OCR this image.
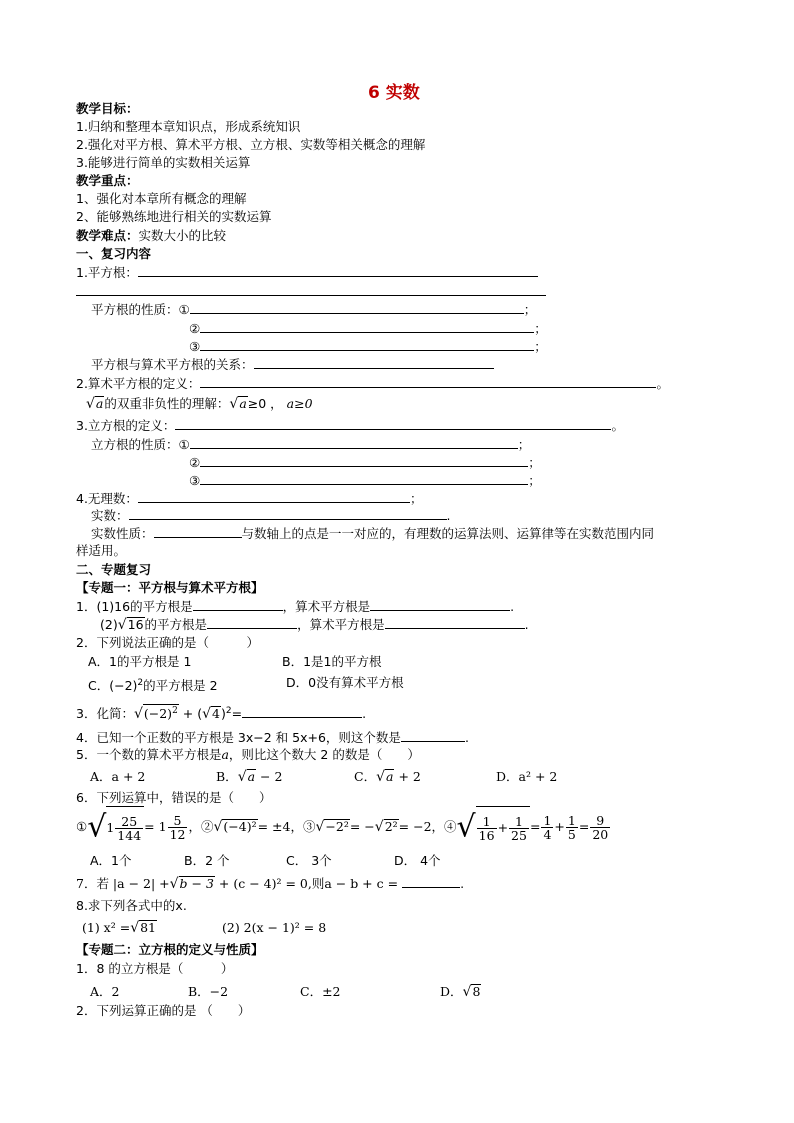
6 实数
教学目标：
1.归纳和整理本章知识点，形成系统知识
2.强化对平方根、算术平方根、立方根、实数等相关概念的理解
3.能够进行简单的实数相关运算
教学重点：
1、强化对本章所有概念的理解
2、能够熟练地进行相关的实数运算
教学难点：实数大小的比较
一、复习内容
1.平方根：
平方根的性质：①	；
②	；
③	；
平方根与算术平方根的关系：
2.算术平方根的定义：	。
√a的双重非负性的理解：√a≥0 ， a≥0
3.立方根的定义：	。
立方根的性质：①	；
②	；
③	；
4.无理数：	；
实数：	.
实数性质：	与数轴上的点是一一对应的，有理数的运算法则、运算律等在实数范围内同
样适用。
二、专题复习
【专题一：平方根与算术平方根】
1．(1)16的平方根是	，算术平方根是	.
(2)√16的平方根是	，算术平方根是	.
2．下列说法正确的是（　　　）
A．1的平方根是 1	B．1是1的平方根
C．$(-2)^2$的平方根是 2	D．0没有算术平方根
3．化简：$√(-2)^2 + (√4)^2=$	.
4．已知一个正数的平方根是 3x−2 和 5x+6，则这个数是	.
5．一个数的算术平方根是a，则比这个数大 2 的数是（　　）
A．a + 2	B．√a − 2	C．√a + 2	D．a² + 2
6．下列运算中，错误的是（　　）
①√1 $\frac{25}{144} = 1 \frac{5}{12}$ ，②√(−4)²= ±4，③√−2²= −√2²= −2，④√ $\frac{1}{16} + \frac{1}{25} = \frac{1}{4} + \frac{1}{5} = \frac{9}{20}$
A．1个	B．2 个	C． 3个	D． 4个
7．若 |a − 2| +√b − 3 + (c − 4)² = 0,则a − b + c =	.
8.求下列各式中的x.
(1) x² =√81	(2) 2(x − 1)² = 8
【专题二：立方根的定义与性质】
1．8 的立方根是（　　　）
A．2	B．−2	C．±2	D．√8
2．下列运算正确的是 （　　）
